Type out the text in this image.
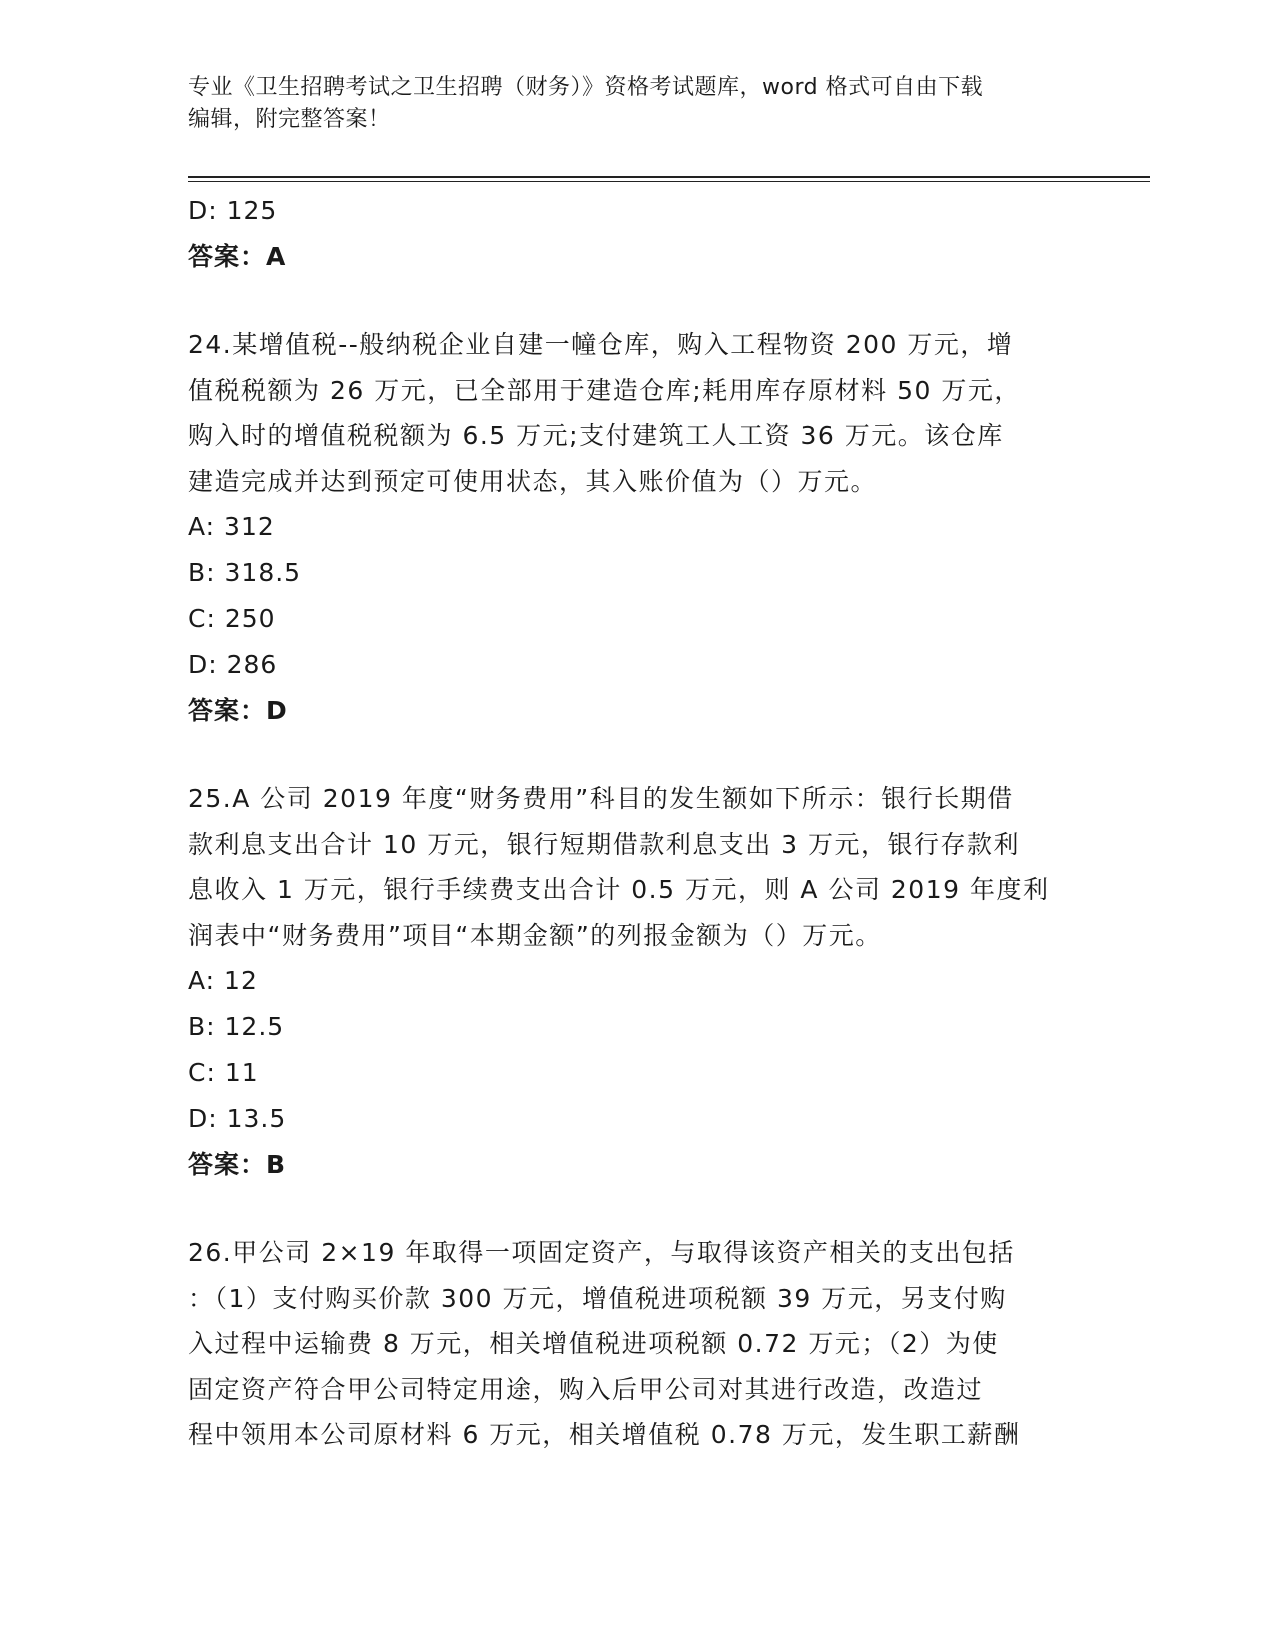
专业《卫生招聘考试之卫生招聘（财务）》资格考试题库，word 格式可自由下载
编辑，附完整答案！
D: 125
答案：A
24.某增值税--般纳税企业自建一幢仓库，购入工程物资 200 万元，增
值税税额为 26 万元，已全部用于建造仓库;耗用库存原材料 50 万元，
购入时的增值税税额为 6.5 万元;支付建筑工人工资 36 万元。该仓库
建造完成并达到预定可使用状态，其入账价值为（）万元。
A: 312
B: 318.5
C: 250
D: 286
答案：D
25.A 公司 2019 年度“财务费用”科目的发生额如下所示：银行长期借
款利息支出合计 10 万元，银行短期借款利息支出 3 万元，银行存款利
息收入 1 万元，银行手续费支出合计 0.5 万元，则 A 公司 2019 年度利
润表中“财务费用”项目“本期金额”的列报金额为（）万元。
A: 12
B: 12.5
C: 11
D: 13.5
答案：B
26.甲公司 2×19 年取得一项固定资产，与取得该资产相关的支出包括
：（1）支付购买价款 300 万元，增值税进项税额 39 万元，另支付购
入过程中运输费 8 万元，相关增值税进项税额 0.72 万元；（2）为使
固定资产符合甲公司特定用途，购入后甲公司对其进行改造，改造过
程中领用本公司原材料 6 万元，相关增值税 0.78 万元，发生职工薪酬
